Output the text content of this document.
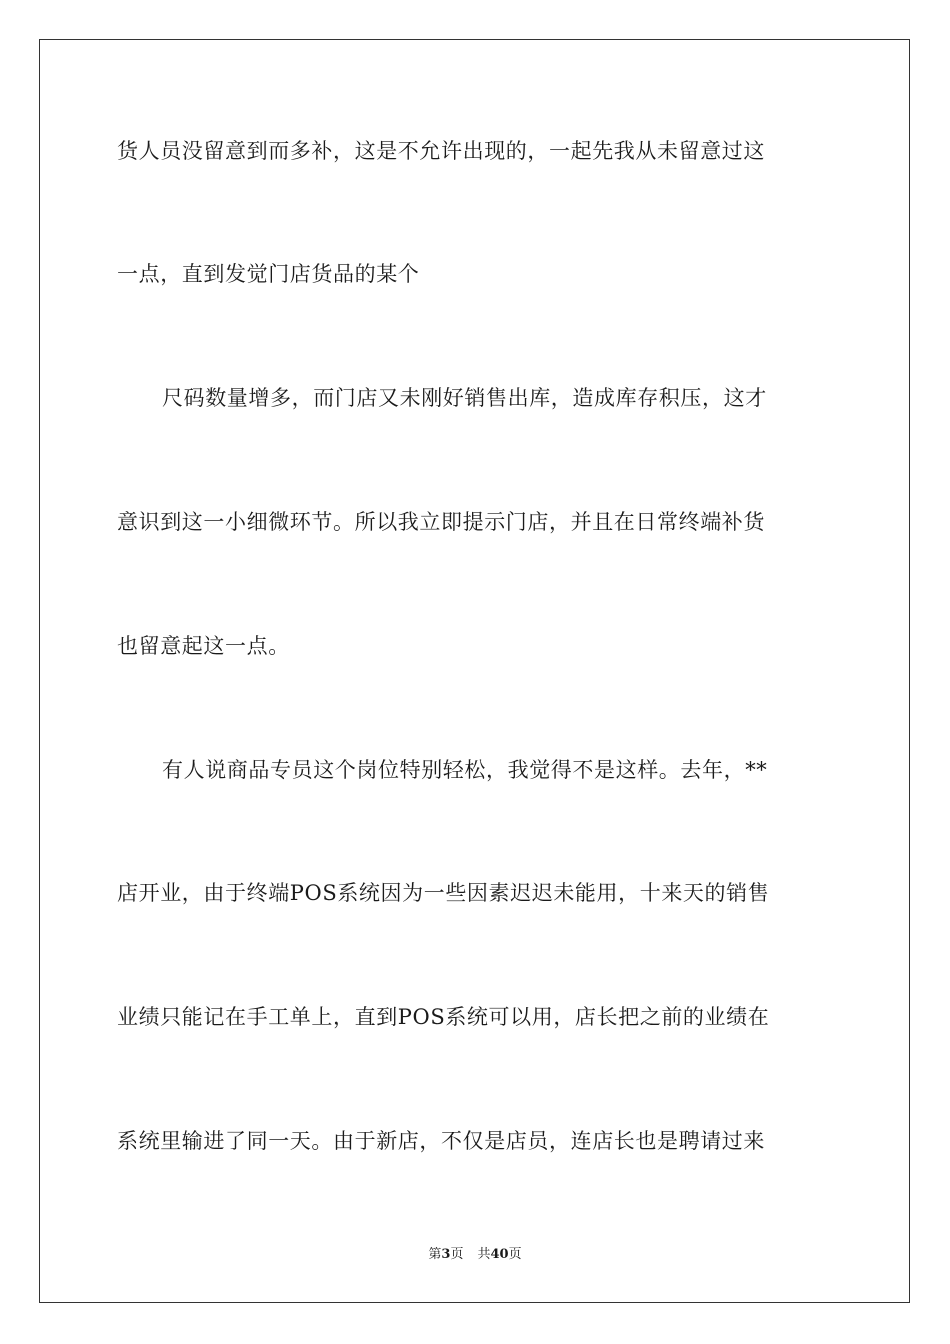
货人员没留意到而多补，这是不允许出现的，一起先我从未留意过这
一点，直到发觉门店货品的某个
尺码数量增多，而门店又未刚好销售出库，造成库存积压，这才
意识到这一小细微环节。所以我立即提示门店，并且在日常终端补货
也留意起这一点。
有人说商品专员这个岗位特别轻松，我觉得不是这样。去年，**
店开业，由于终端POS系统因为一些因素迟迟未能用，十来天的销售
业绩只能记在手工单上，直到POS系统可以用，店长把之前的业绩在
系统里输进了同一天。由于新店，不仅是店员，连店长也是聘请过来
第3页 共40页
